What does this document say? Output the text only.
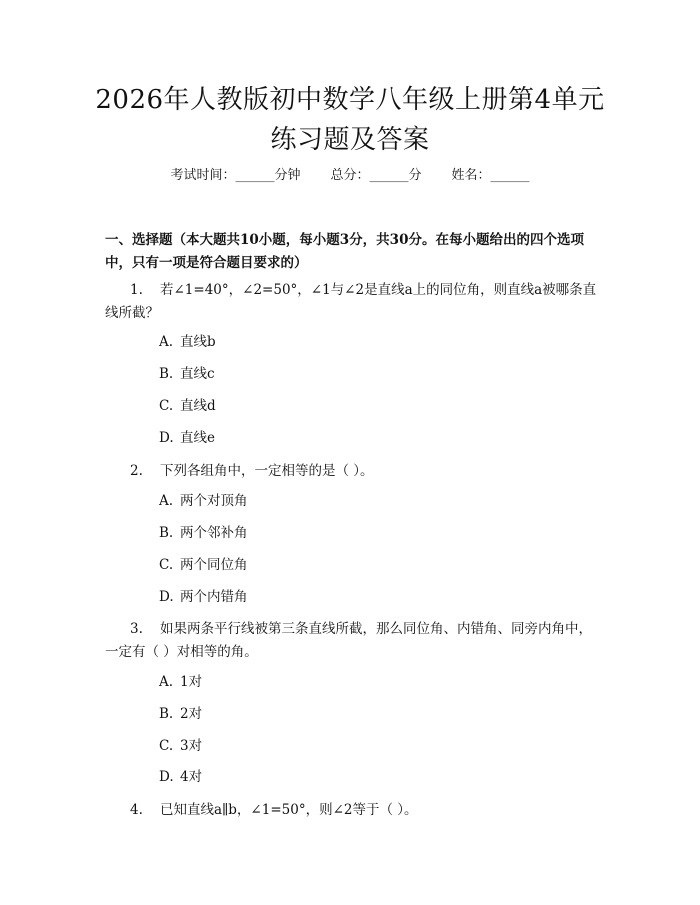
2026年人教版初中数学八年级上册第4单元
练习题及答案
考试时间：______分钟 总分：______分 姓名：______
一、选择题（本大题共10小题，每小题3分，共30分。在每小题给出的四个选项中，只有一项是符合题目要求的）
1. 若∠1=40°，∠2=50°，∠1与∠2是直线a上的同位角，则直线a被哪条直线所截？
A. 直线b
B. 直线c
C. 直线d
D. 直线e
2. 下列各组角中，一定相等的是（ ）。
A. 两个对顶角
B. 两个邻补角
C. 两个同位角
D. 两个内错角
3. 如果两条平行线被第三条直线所截，那么同位角、内错角、同旁内角中，一定有（ ）对相等的角。
A. 1对
B. 2对
C. 3对
D. 4对
4. 已知直线a∥b，∠1=50°，则∠2等于（ ）。
